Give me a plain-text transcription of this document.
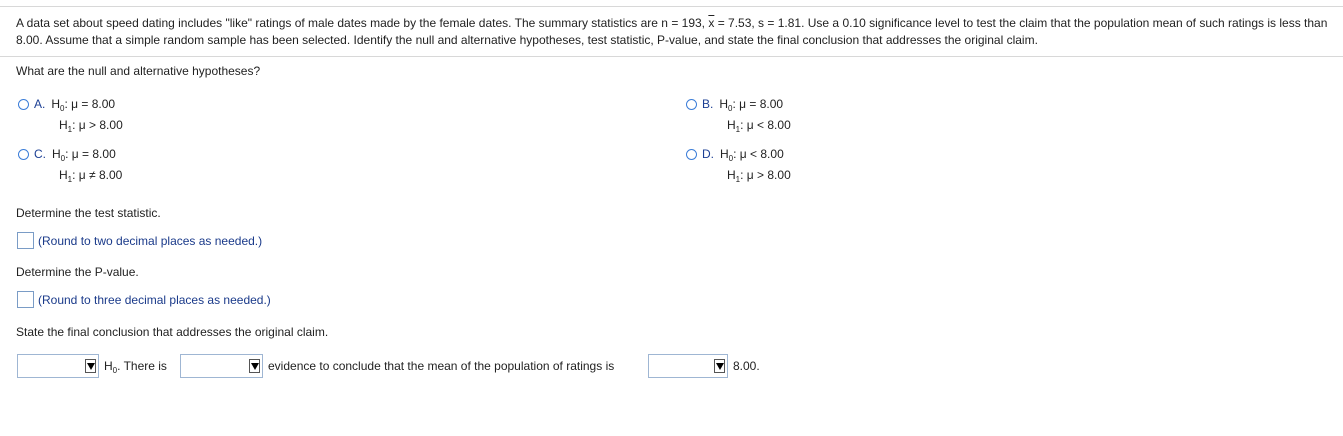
A data set about speed dating includes "like" ratings of male dates made by the female dates. The summary statistics are n = 193, $\overline{x} = 7.53$, s = 1.81. Use a 0.10 significance level to test the claim that the population mean of such ratings is less than 8.00. Assume that a simple random sample has been selected. Identify the null and alternative hypotheses, test statistic, P-value, and state the final conclusion that addresses the original claim.
What are the null and alternative hypotheses?
A. $H_0$: μ = 8.00
$H_1$: μ > 8.00
B. $H_0$: μ = 8.00
$H_1$: μ < 8.00
C. $H_0$: μ = 8.00
$H_1$: μ ≠ 8.00
D. $H_0$: μ < 8.00
$H_1$: μ > 8.00
Determine the test statistic.
(Round to two decimal places as needed.)
Determine the P-value.
(Round to three decimal places as needed.)
State the final conclusion that addresses the original claim.
$H_0$. There is	evidence to conclude that the mean of the population of ratings is	8.00.
